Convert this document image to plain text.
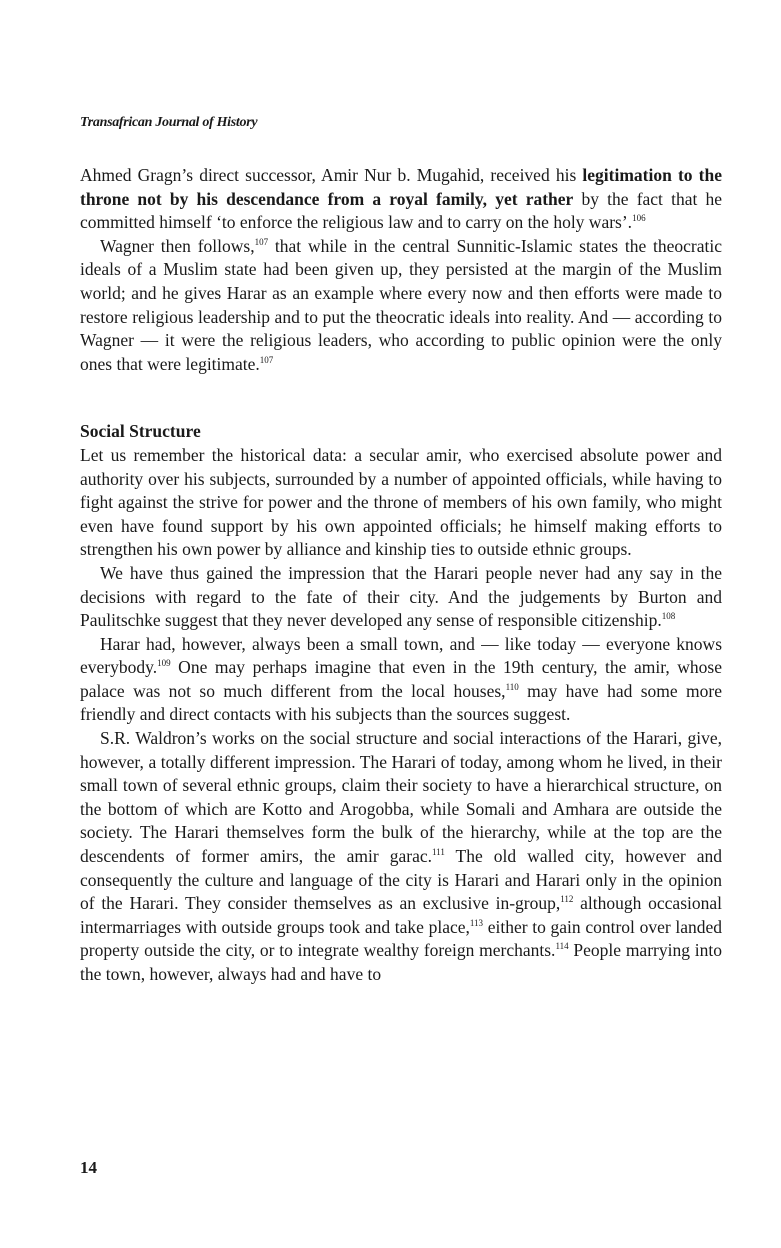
Transafrican Journal of History

Ahmed Gragn’s direct successor, Amir Nur b. Mugahid, received his legitimation to the throne not by his descendance from a royal family, yet rather by the fact that he committed himself ‘to enforce the religious law and to carry on the holy wars’.$^{106}$

Wagner then follows,$^{107}$ that while in the central Sunnitic-Islamic states the theocratic ideals of a Muslim state had been given up, they persisted at the margin of the Muslim world; and he gives Harar as an example where every now and then efforts were made to restore religious leadership and to put the theocratic ideals into reality. And — according to Wagner — it were the religious leaders, who according to public opinion were the only ones that were legitimate.$^{107}$

Social Structure

Let us remember the historical data: a secular amir, who exercised absolute power and authority over his subjects, surrounded by a number of appointed officials, while having to fight against the strive for power and the throne of members of his own family, who might even have found support by his own appointed officials; he himself making efforts to strengthen his own power by alliance and kinship ties to outside ethnic groups.

We have thus gained the impression that the Harari people never had any say in the decisions with regard to the fate of their city. And the judgements by Burton and Paulitschke suggest that they never developed any sense of responsible citizenship.$^{108}$

Harar had, however, always been a small town, and — like today — everyone knows everybody.$^{109}$ One may perhaps imagine that even in the 19th century, the amir, whose palace was not so much different from the local houses,$^{110}$ may have had some more friendly and direct contacts with his subjects than the sources suggest.

S.R. Waldron’s works on the social structure and social interactions of the Harari, give, however, a totally different impression. The Harari of today, among whom he lived, in their small town of several ethnic groups, claim their society to have a hierarchical structure, on the bottom of which are Kotto and Arogobba, while Somali and Amhara are outside the society. The Harari themselves form the bulk of the hierarchy, while at the top are the descendents of former amirs, the amir garac.$^{111}$ The old walled city, however and consequently the culture and language of the city is Harari and Harari only in the opinion of the Harari. They consider themselves as an exclusive in-group,$^{112}$ although occasional intermarriages with outside groups took and take place,$^{113}$ either to gain control over landed property outside the city, or to integrate wealthy foreign merchants.$^{114}$ People marrying into the town, however, always had and have to

14
